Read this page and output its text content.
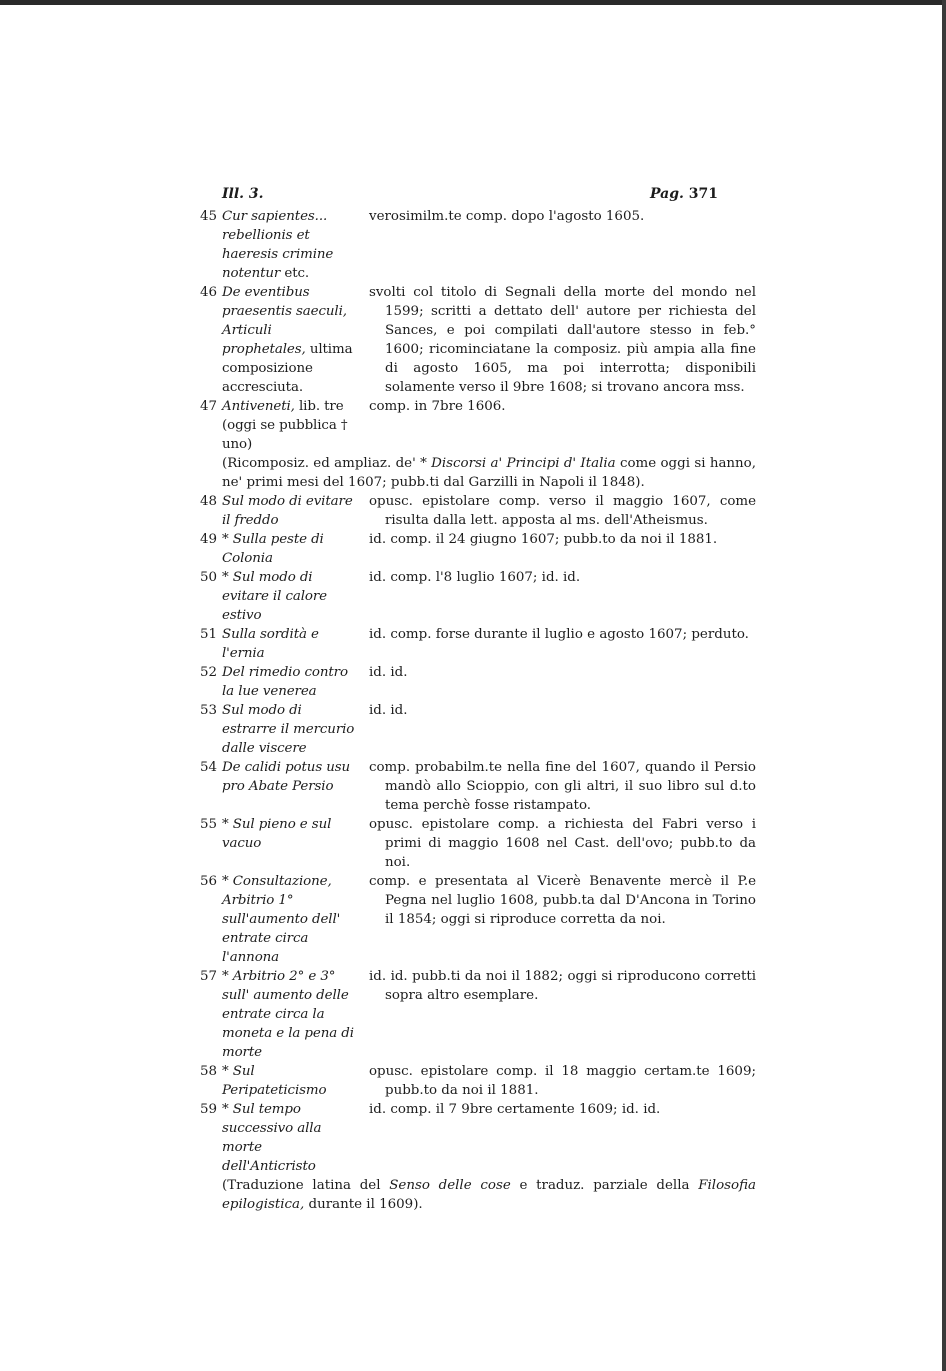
Ill. 3.	Pag. 371
45 Cur sapientes... rebellionis et haeresis crimine notentur etc.
verosimilm.te comp. dopo l'agosto 1605.
46 De eventibus praesentis saeculi, Articuli prophetales, ultima composizione accresciuta.
svolti col titolo di Segnali della morte del mondo nel 1599; scritti a dettato dell' autore per richiesta del Sances, e poi compilati dall'autore stesso in feb.° 1600; ricominciatane la composiz. più ampia alla fine di agosto 1605, ma poi interrotta; disponibili solamente verso il 9bre 1608; si trovano ancora mss.
47 Antiveneti, lib. tre (oggi se pubblica † uno)
comp. in 7bre 1606.
(Ricomposiz. ed ampliaz. de' * Discorsi a' Principi d' Italia come oggi si hanno, ne' primi mesi del 1607; pubb.ti dal Garzilli in Napoli il 1848).
48 Sul modo di evitare il freddo
opusc. epistolare comp. verso il maggio 1607, come risulta dalla lett. apposta al ms. dell'Atheismus.
49 * Sulla peste di Colonia
id. comp. il 24 giugno 1607; pubb.to da noi il 1881.
50 * Sul modo di evitare il calore estivo
id. comp. l'8 luglio 1607; id. id.
51 Sulla sordità e l'ernia
id. comp. forse durante il luglio e agosto 1607; perduto.
52 Del rimedio contro la lue venerea
id. id.
53 Sul modo di estrarre il mercurio dalle viscere
id. id.
54 De calidi potus usu pro Abate Persio
comp. probabilm.te nella fine del 1607, quando il Persio mandò allo Scioppio, con gli altri, il suo libro sul d.to tema perchè fosse ristampato.
55 * Sul pieno e sul vacuo
opusc. epistolare comp. a richiesta del Fabri verso i primi di maggio 1608 nel Cast. dell'ovo; pubb.to da noi.
56 * Consultazione, Arbitrio 1° sull'aumento dell' entrate circa l'annona
comp. e presentata al Vicerè Benavente mercè il P.e Pegna nel luglio 1608, pubb.ta dal D'Ancona in Torino il 1854; oggi si riproduce corretta da noi.
57 * Arbitrio 2° e 3° sull' aumento delle entrate circa la moneta e la pena di morte
id. id. pubb.ti da noi il 1882; oggi si riproducono corretti sopra altro esemplare.
58 * Sul Peripateticismo
opusc. epistolare comp. il 18 maggio certam.te 1609; pubb.to da noi il 1881.
59 * Sul tempo successivo alla morte dell'Anticristo
id. comp. il 7 9bre certamente 1609; id. id.
(Traduzione latina del Senso delle cose e traduz. parziale della Filosofia epilogistica, durante il 1609).
